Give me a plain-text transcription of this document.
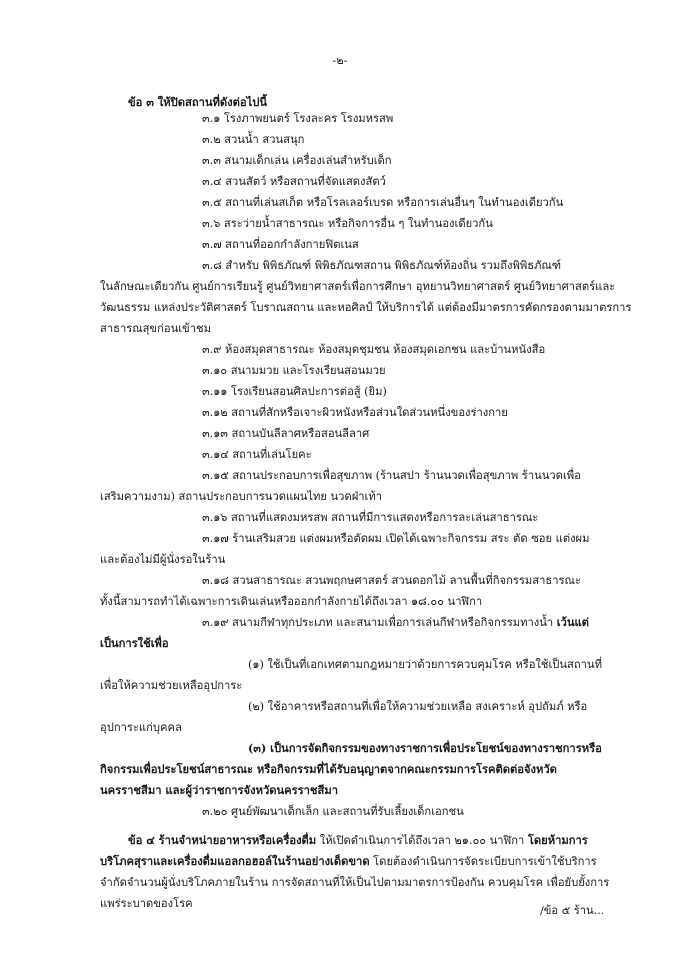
-๒-
ข้อ ๓ ให้ปิดสถานที่ดังต่อไปนี้
๓.๑ โรงภาพยนตร์ โรงละคร โรงมหรสพ
๓.๒ สวนน้ำ สวนสนุก
๓.๓ สนามเด็กเล่น เครื่องเล่นสำหรับเด็ก
๓.๔ สวนสัตว์ หรือสถานที่จัดแสดงสัตว์
๓.๕ สถานที่เล่นสเก็ต หรือโรลเลอร์เบรด หรือการเล่นอื่นๆ ในทำนองเดียวกัน
๓.๖ สระว่ายน้ำสาธารณะ หรือกิจการอื่น ๆ ในทำนองเดียวกัน
๓.๗ สถานที่ออกกำลังกายฟิตเนส
๓.๘ สำหรับ พิพิธภัณฑ์ พิพิธภัณฑสถาน พิพิธภัณฑ์ท้องถิ่น รวมถึงพิพิธภัณฑ์
ในลักษณะเดียวกัน ศูนย์การเรียนรู้ ศูนย์วิทยาศาสตร์เพื่อการศึกษา อุทยานวิทยาศาสตร์ ศูนย์วิทยาศาสตร์และ
วัฒนธรรม แหล่งประวัติศาสตร์ โบราณสถาน และหอศิลป์ ให้บริการได้ แต่ต้องมีมาตรการคัดกรองตามมาตรการ
สาธารณสุขก่อนเข้าชม
๓.๙ ห้องสมุดสาธารณะ ห้องสมุดชุมชน ห้องสมุดเอกชน และบ้านหนังสือ
๓.๑๐ สนามมวย และโรงเรียนสอนมวย
๓.๑๑ โรงเรียนสอนศิลปะการต่อสู้ (ยิม)
๓.๑๒ สถานที่สักหรือเจาะผิวหนังหรือส่วนใดส่วนหนึ่งของร่างกาย
๓.๑๓ สถานบันลีลาศหรือสอนลีลาศ
๓.๑๔ สถานที่เล่นโยคะ
๓.๑๕ สถานประกอบการเพื่อสุขภาพ (ร้านสปา ร้านนวดเพื่อสุขภาพ ร้านนวดเพื่อ
เสริมความงาม) สถานประกอบการนวดแผนไทย นวดฝ่าเท้า
๓.๑๖ สถานที่แสดงมหรสพ สถานที่มีการแสดงหรือการละเล่นสาธารณะ
๓.๑๗ ร้านเสริมสวย แต่งผมหรือตัดผม เปิดได้เฉพาะกิจกรรม สระ ตัด ซอย แต่งผม
และต้องไม่มีผู้นั่งรอในร้าน
๓.๑๘ สวนสาธารณะ สวนพฤกษศาสตร์ สวนดอกไม้ ลานพื้นที่กิจกรรมสาธารณะ
ทั้งนี้สามารถทำได้เฉพาะการเดินเล่นหรือออกกำลังกายได้ถึงเวลา ๑๘.๐๐ นาฬิกา
๓.๑๙ สนามกีฬาทุกประเภท และสนามเพื่อการเล่นกีฬาหรือกิจกรรมทางน้ำ เว้นแต่
เป็นการใช้เพื่อ
(๑) ใช้เป็นที่เอกเทศตามกฎหมายว่าด้วยการควบคุมโรค หรือใช้เป็นสถานที่
เพื่อให้ความช่วยเหลืออุปการะ
(๒) ใช้อาคารหรือสถานที่เพื่อให้ความช่วยเหลือ สงเคราะห์ อุปถัมภ์ หรือ
อุปการะแก่บุคคล
(๓) เป็นการจัดกิจกรรมของทางราชการเพื่อประโยชน์ของทางราชการหรือ
กิจกรรมเพื่อประโยชน์สาธารณะ หรือกิจกรรมที่ได้รับอนุญาตจากคณะกรรมการโรคติดต่อจังหวัด
นครราชสีมา และผู้ว่าราชการจังหวัดนครราชสีมา
๓.๒๐ ศูนย์พัฒนาเด็กเล็ก และสถานที่รับเลี้ยงเด็กเอกชน
ข้อ ๔ ร้านจำหน่ายอาหารหรือเครื่องดื่ม ให้เปิดดำเนินการได้ถึงเวลา ๒๑.๐๐ นาฬิกา โดยห้ามการ
บริโภคสุราและเครื่องดื่มแอลกอฮอล์ในร้านอย่างเด็ดขาด โดยต้องดำเนินการจัดระเบียบการเข้าใช้บริการ
จำกัดจำนวนผู้นั่งบริโภคภายในร้าน การจัดสถานที่ให้เป็นไปตามมาตรการป้องกัน ควบคุมโรค เพื่อยับยั้งการ
แพร่ระบาดของโรค
/ข้อ ๕ ร้าน...
